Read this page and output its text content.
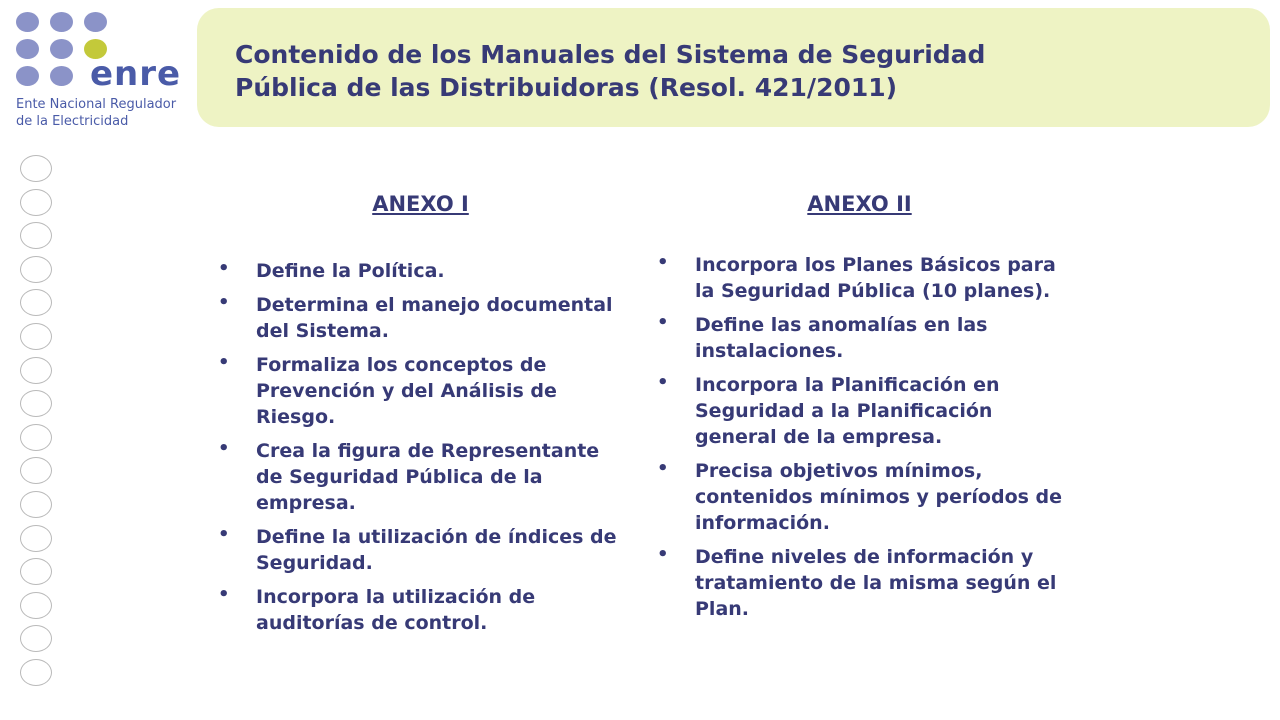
enre
Ente Nacional Regulador
de la Electricidad
Contenido de los Manuales del Sistema de Seguridad
Pública de las Distribuidoras (Resol. 421/2011)
ANEXO I
• Define la Política.
• Determina el manejo documental del Sistema.
• Formaliza los conceptos de Prevención y del Análisis de Riesgo.
• Crea la figura de Representante de Seguridad Pública de la empresa.
• Define la utilización de índices de Seguridad.
• Incorpora la utilización de auditorías de control.
ANEXO II
• Incorpora los Planes Básicos para la Seguridad Pública (10 planes).
• Define las anomalías en las instalaciones.
• Incorpora la Planificación en Seguridad a la Planificación general de la empresa.
• Precisa objetivos mínimos, contenidos mínimos y períodos de información.
• Define niveles de información y tratamiento de la misma según el Plan.
